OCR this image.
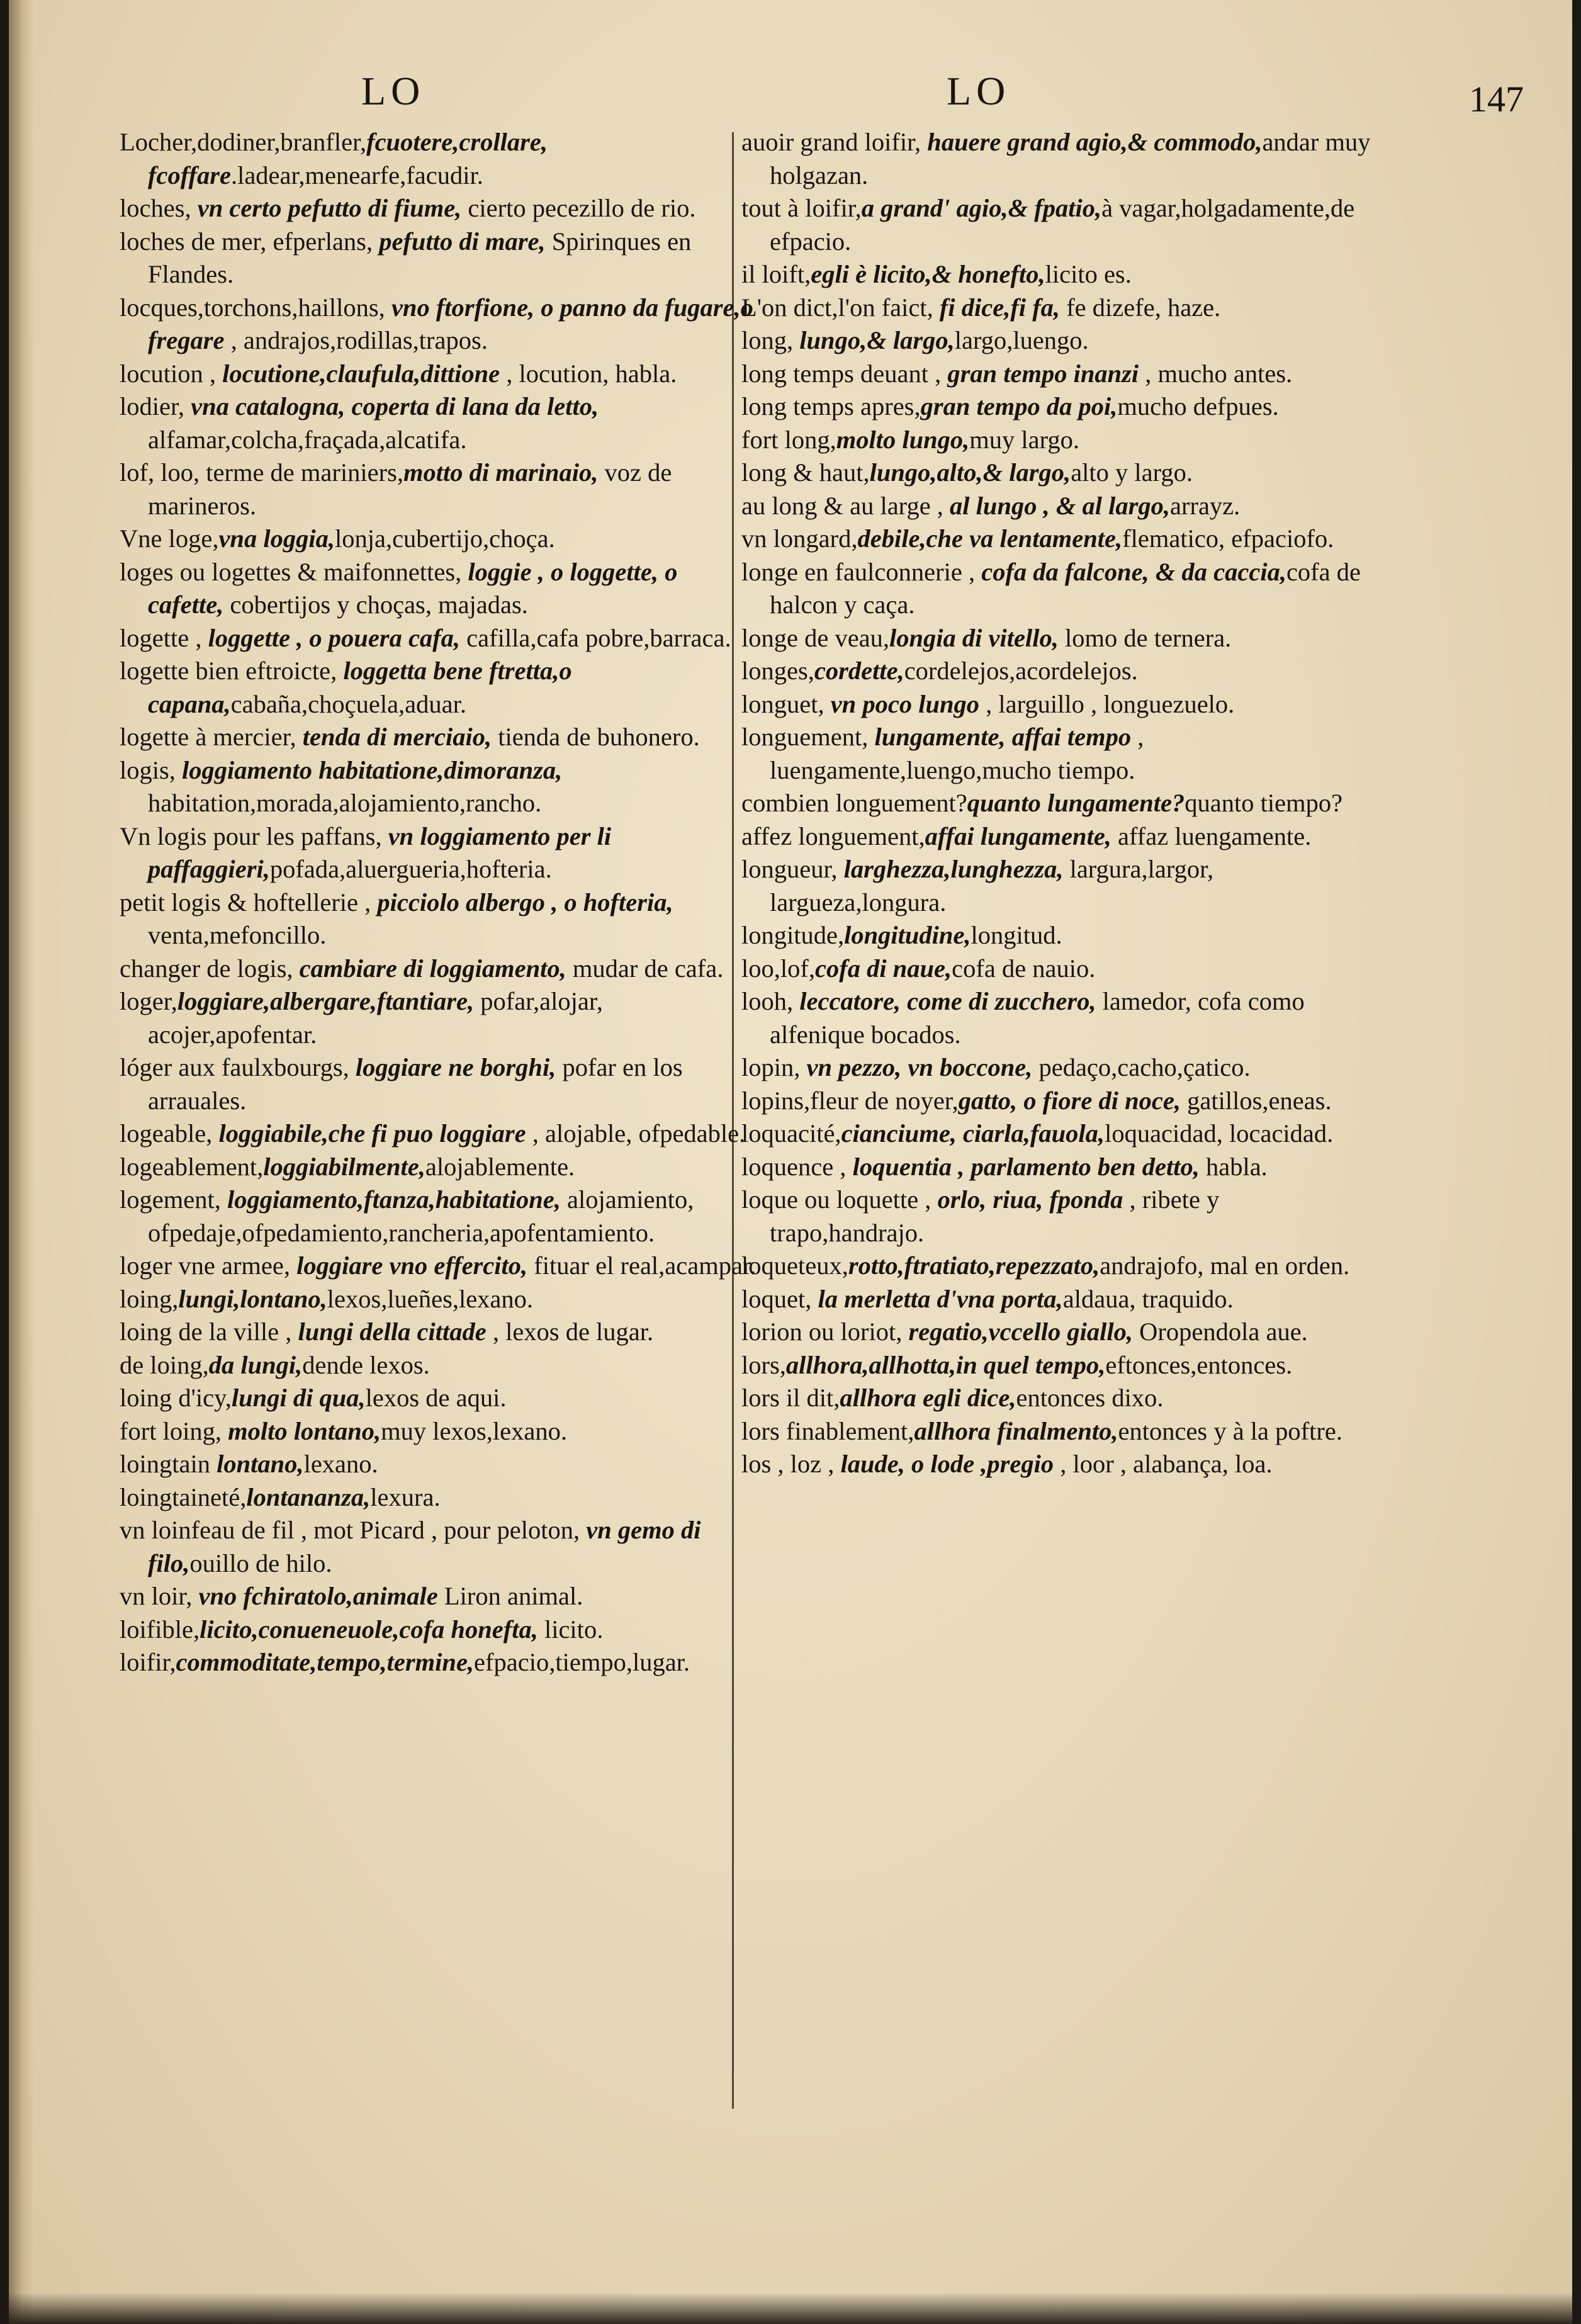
LO	LO	147

Locher,dodiner,branfler,fcuotere,crollare, fcoffare.ladear,menearfe,facudir.

loches, vn certo pefutto di fiume, cierto pecezillo de rio.

loches de mer, efperlans, pefutto di mare, Spirinques en Flandes.

locques,torchons,haillons, vno ftorfione, o panno da fugare,o fregare , andrajos,rodillas,trapos.

locution , locutione,claufula,dittione , locution, habla.

lodier, vna catalogna, coperta di lana da letto, alfamar,colcha,fraçada,alcatifa.

lof, loo, terme de mariniers,motto di marinaio, voz de marineros.

Vne loge,vna loggia,lonja,cubertijo,choça.

loges ou logettes & maifonnettes, loggie , o loggette, o cafette, cobertijos y choças, majadas.

logette , loggette , o pouera cafa, cafilla,cafa pobre,barraca.

logette bien eftroicte, loggetta bene ftretta,o capana,cabaña,choçuela,aduar.

logette à mercier, tenda di merciaio, tienda de buhonero.

logis, loggiamento habitatione,dimoranza, habitation,morada,alojamiento,rancho.

Vn logis pour les paffans, vn loggiamento per li paffaggieri,pofada,aluergueria,hofteria.

petit logis & hoftellerie , picciolo albergo , o hofteria, venta,mefoncillo.

changer de logis, cambiare di loggiamento, mudar de cafa.

loger,loggiare,albergare,ftantiare, pofar,alojar, acojer,apofentar.

lóger aux faulxbourgs, loggiare ne borghi, pofar en los arrauales.

logeable, loggiabile,che fi puo loggiare , alojable, ofpedable.

logeablement,loggiabilmente,alojablemente.

logement, loggiamento,ftanza,habitatione, alojamiento, ofpedaje,ofpedamiento,rancheria,apofentamiento.

loger vne armee, loggiare vno effercito, fituar el real,acampar.

loing,lungi,lontano,lexos,lueñes,lexano.

loing de la ville , lungi della cittade , lexos de lugar.

de loing,da lungi,dende lexos.

loing d'icy,lungi di qua,lexos de aqui.

fort loing, molto lontano,muy lexos,lexano.

loingtain lontano,lexano.

loingtaineté,lontananza,lexura.

vn loinfeau de fil , mot Picard , pour peloton, vn gemo di filo,ouillo de hilo.

vn loir, vno fchiratolo,animale Liron animal.

loifible,licito,conueneuole,cofa honefta, licito.

loifir,commoditate,tempo,termine,efpacio,tiempo,lugar.

auoir grand loifir, hauere grand agio,& commodo,andar muy holgazan.

tout à loifir,a grand' agio,& fpatio,à vagar,holgadamente,de efpacio.

il loift,egli è licito,& honefto,licito es.

L'on dict,l'on faict, fi dice,fi fa, fe dizefe, haze.

long, lungo,& largo,largo,luengo.

long temps deuant , gran tempo inanzi , mucho antes.

long temps apres,gran tempo da poi,mucho defpues.

fort long,molto lungo,muy largo.

long & haut,lungo,alto,& largo,alto y largo.

au long & au large , al lungo , & al largo,arrayz.

vn longard,debile,che va lentamente,flematico, efpaciofo.

longe en faulconnerie , cofa da falcone, & da caccia,cofa de halcon y caça.

longe de veau,longia di vitello, lomo de ternera.

longes,cordette,cordelejos,acordelejos.

longuet, vn poco lungo , larguillo , longuezuelo.

longuement, lungamente, affai tempo , luengamente,luengo,mucho tiempo.

combien longuement?quanto lungamente?quanto tiempo?

affez longuement,affai lungamente, affaz luengamente.

longueur, larghezza,lunghezza, largura,largor, largueza,longura.

longitude,longitudine,longitud.

loo,lof,cofa di naue,cofa de nauio.

looh, leccatore, come di zucchero, lamedor, cofa como alfenique bocados.

lopin, vn pezzo, vn boccone, pedaço,cacho,çatico.

lopins,fleur de noyer,gatto, o fiore di noce, gatillos,eneas.

loquacité,cianciume, ciarla,fauola,loquacidad, locacidad.

loquence , loquentia , parlamento ben detto, habla.

loque ou loquette , orlo, riua, fponda , ribete y trapo,handrajo.

loqueteux,rotto,ftratiato,repezzato,andrajofo, mal en orden.

loquet, la merletta d'vna porta,aldaua, traquido.

lorion ou loriot, regatio,vccello giallo, Oropendola aue.

lors,allhora,allhotta,in quel tempo,eftonces,entonces.

lors il dit,allhora egli dice,entonces dixo.

lors finablement,allhora finalmento,entonces y à la poftre.

los , loz , laude, o lode ,pregio , loor , alabança, loa.
